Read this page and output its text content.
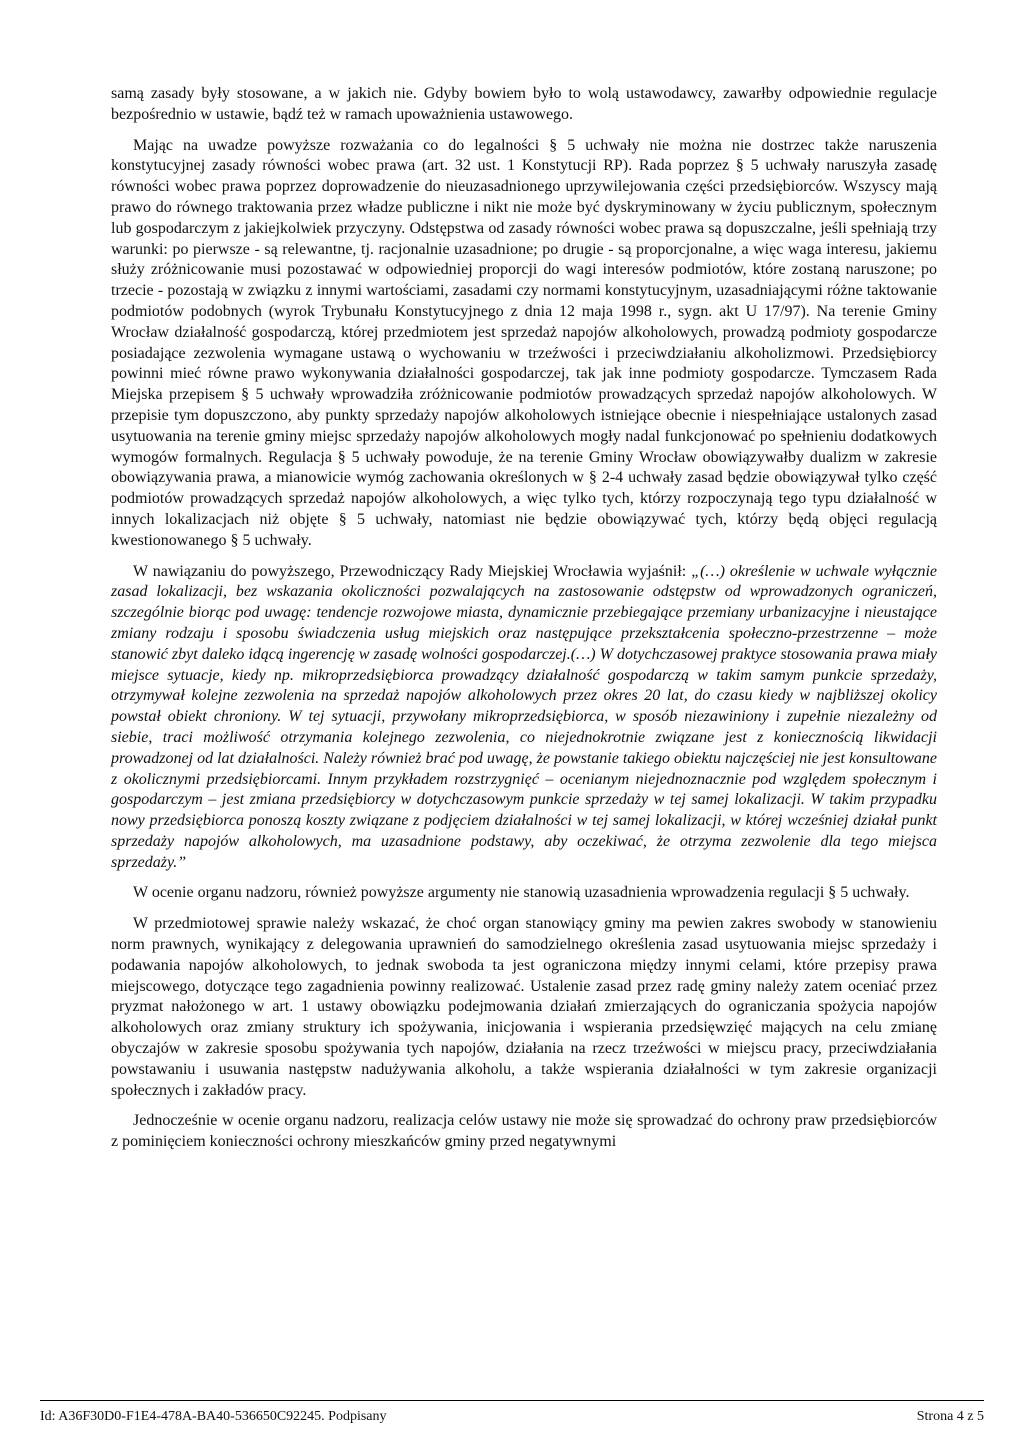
samą zasady były stosowane, a w jakich nie. Gdyby bowiem było to wolą ustawodawcy, zawarłby odpowiednie regulacje bezpośrednio w ustawie, bądź też w ramach upoważnienia ustawowego.

Mając na uwadze powyższe rozważania co do legalności § 5 uchwały nie można nie dostrzec także naruszenia konstytucyjnej zasady równości wobec prawa (art. 32 ust. 1 Konstytucji RP). Rada poprzez § 5 uchwały naruszyła zasadę równości wobec prawa poprzez doprowadzenie do nieuzasadnionego uprzywilejowania części przedsiębiorców. Wszyscy mają prawo do równego traktowania przez władze publiczne i nikt nie może być dyskryminowany w życiu publicznym, społecznym lub gospodarczym z jakiejkolwiek przyczyny. Odstępstwa od zasady równości wobec prawa są dopuszczalne, jeśli spełniają trzy warunki: po pierwsze - są relewantne, tj. racjonalnie uzasadnione; po drugie - są proporcjonalne, a więc waga interesu, jakiemu służy zróżnicowanie musi pozostawać w odpowiedniej proporcji do wagi interesów podmiotów, które zostaną naruszone; po trzecie - pozostają w związku z innymi wartościami, zasadami czy normami konstytucyjnym, uzasadniającymi różne taktowanie podmiotów podobnych (wyrok Trybunału Konstytucyjnego z dnia 12 maja 1998 r., sygn. akt U 17/97). Na terenie Gminy Wrocław działalność gospodarczą, której przedmiotem jest sprzedaż napojów alkoholowych, prowadzą podmioty gospodarcze posiadające zezwolenia wymagane ustawą o wychowaniu w trzeźwości i przeciwdziałaniu alkoholizmowi. Przedsiębiorcy powinni mieć równe prawo wykonywania działalności gospodarczej, tak jak inne podmioty gospodarcze. Tymczasem Rada Miejska przepisem § 5 uchwały wprowadziła zróżnicowanie podmiotów prowadzących sprzedaż napojów alkoholowych. W przepisie tym dopuszczono, aby punkty sprzedaży napojów alkoholowych istniejące obecnie i niespełniające ustalonych zasad usytuowania na terenie gminy miejsc sprzedaży napojów alkoholowych mogły nadal funkcjonować po spełnieniu dodatkowych wymogów formalnych. Regulacja § 5 uchwały powoduje, że na terenie Gminy Wrocław obowiązywałby dualizm w zakresie obowiązywania prawa, a mianowicie wymóg zachowania określonych w § 2-4 uchwały zasad będzie obowiązywał tylko część podmiotów prowadzących sprzedaż napojów alkoholowych, a więc tylko tych, którzy rozpoczynają tego typu działalność w innych lokalizacjach niż objęte § 5 uchwały, natomiast nie będzie obowiązywać tych, którzy będą objęci regulacją kwestionowanego § 5 uchwały.

W nawiązaniu do powyższego, Przewodniczący Rady Miejskiej Wrocławia wyjaśnił: „(…) określenie w uchwale wyłącznie zasad lokalizacji, bez wskazania okoliczności pozwalających na zastosowanie odstępstw od wprowadzonych ograniczeń, szczególnie biorąc pod uwagę: tendencje rozwojowe miasta, dynamicznie przebiegające przemiany urbanizacyjne i nieustające zmiany rodzaju i sposobu świadczenia usług miejskich oraz następujące przekształcenia społeczno-przestrzenne – może stanowić zbyt daleko idącą ingerencję w zasadę wolności gospodarczej.(…) W dotychczasowej praktyce stosowania prawa miały miejsce sytuacje, kiedy np. mikroprzedsiębiorca prowadzący działalność gospodarczą w takim samym punkcie sprzedaży, otrzymywał kolejne zezwolenia na sprzedaż napojów alkoholowych przez okres 20 lat, do czasu kiedy w najbliższej okolicy powstał obiekt chroniony. W tej sytuacji, przywołany mikroprzedsiębiorca, w sposób niezawiniony i zupełnie niezależny od siebie, traci możliwość otrzymania kolejnego zezwolenia, co niejednokrotnie związane jest z koniecznością likwidacji prowadzonej od lat działalności. Należy również brać pod uwagę, że powstanie takiego obiektu najczęściej nie jest konsultowane z okolicznymi przedsiębiorcami. Innym przykładem rozstrzygnięć – ocenianym niejednoznacznie pod względem społecznym i gospodarczym – jest zmiana przedsiębiorcy w dotychczasowym punkcie sprzedaży w tej samej lokalizacji. W takim przypadku nowy przedsiębiorca ponoszą koszty związane z podjęciem działalności w tej samej lokalizacji, w której wcześniej działał punkt sprzedaży napojów alkoholowych, ma uzasadnione podstawy, aby oczekiwać, że otrzyma zezwolenie dla tego miejsca sprzedaży.”

W ocenie organu nadzoru, również powyższe argumenty nie stanowią uzasadnienia wprowadzenia regulacji § 5 uchwały.

W przedmiotowej sprawie należy wskazać, że choć organ stanowiący gminy ma pewien zakres swobody w stanowieniu norm prawnych, wynikający z delegowania uprawnień do samodzielnego określenia zasad usytuowania miejsc sprzedaży i podawania napojów alkoholowych, to jednak swoboda ta jest ograniczona między innymi celami, które przepisy prawa miejscowego, dotyczące tego zagadnienia powinny realizować. Ustalenie zasad przez radę gminy należy zatem oceniać przez pryzmat nałożonego w art. 1 ustawy obowiązku podejmowania działań zmierzających do ograniczania spożycia napojów alkoholowych oraz zmiany struktury ich spożywania, inicjowania i wspierania przedsięwzięć mających na celu zmianę obyczajów w zakresie sposobu spożywania tych napojów, działania na rzecz trzeźwości w miejscu pracy, przeciwdziałania powstawaniu i usuwania następstw nadużywania alkoholu, a także wspierania działalności w tym zakresie organizacji społecznych i zakładów pracy.

Jednocześnie w ocenie organu nadzoru, realizacja celów ustawy nie może się sprowadzać do ochrony praw przedsiębiorców z pominięciem konieczności ochrony mieszkańców gminy przed negatywnymi

Id: A36F30D0-F1E4-478A-BA40-536650C92245. Podpisany	Strona 4 z 5
